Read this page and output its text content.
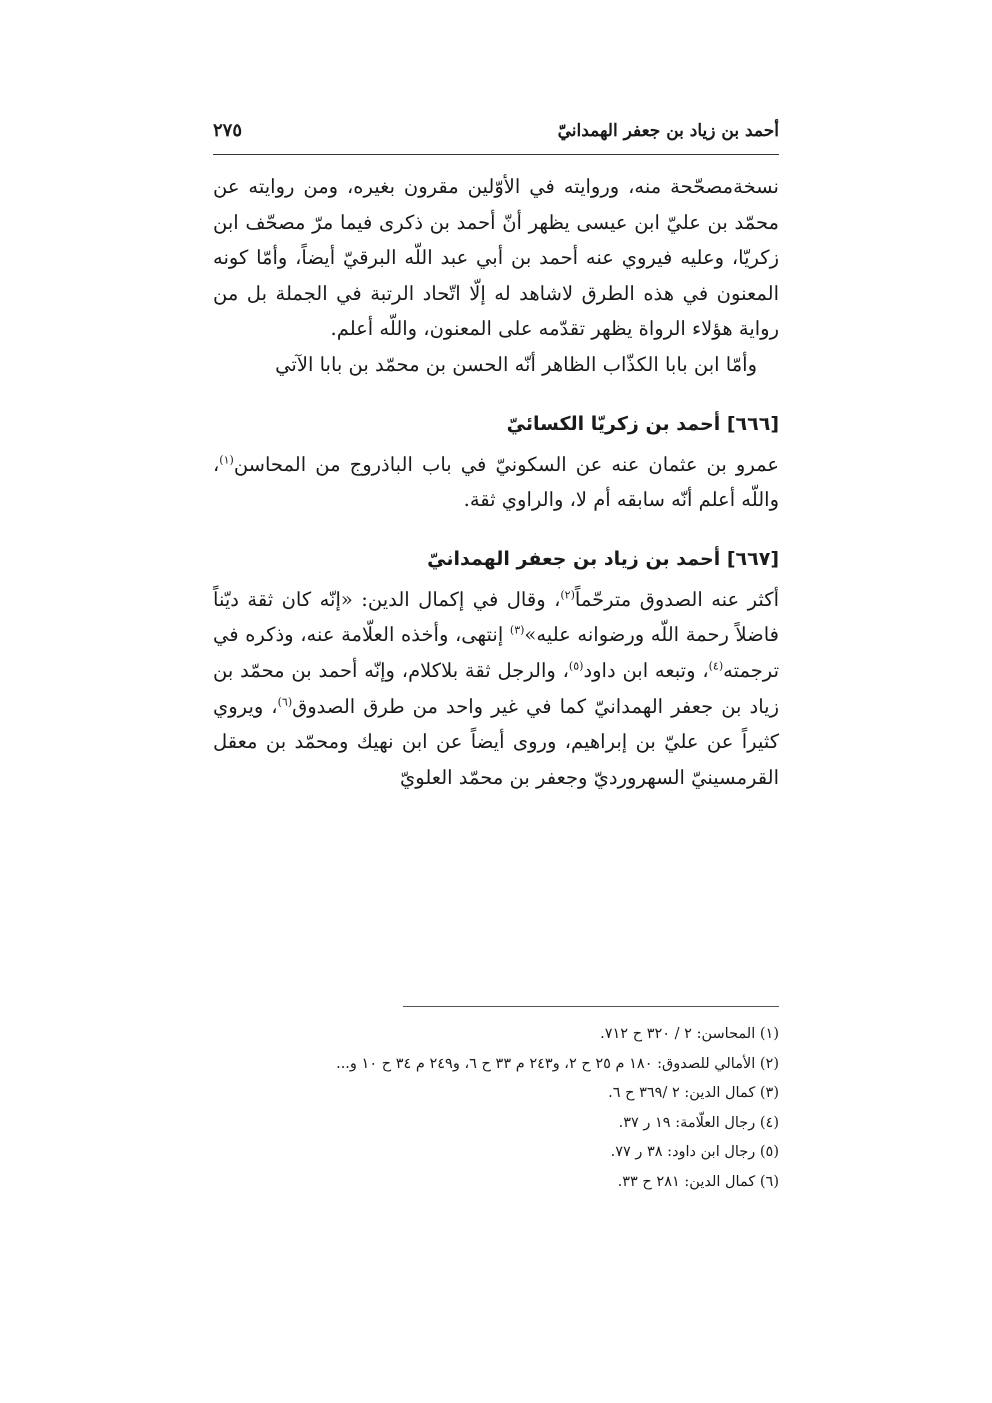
أحمد بن زياد بن جعفر الهمدانيّ
٢٧٥

نسخةمصحّحة منه، وروايته في الأوّلين مقرون بغيره، ومن روايته عن محمّد بن عليّ ابن عيسى يظهر أنّ أحمد بن ذكرى فيما مرّ مصحّف ابن زكريّا، وعليه فيروي عنه أحمد بن أبي عبد اللّه البرقيّ أيضاً، وأمّا كونه المعنون في هذه الطرق لاشاهد له إلّا اتّحاد الرتبة في الجملة بل من رواية هؤلاء الرواة يظهر تقدّمه على المعنون، واللّه أعلم.

وأمّا ابن بابا الكذّاب الظاهر أنّه الحسن بن محمّد بن بابا الآتي

[٦٦٦] أحمد بن زكريّا الكسائيّ

عمرو بن عثمان عنه عن السكونيّ في باب الباذروج من المحاسن$^{(١)}$، واللّه أعلم أنّه سابقه أم لا، والراوي ثقة.

[٦٦٧] أحمد بن زياد بن جعفر الهمدانيّ

أكثر عنه الصدوق مترحّماً$^{(٢)}$، وقال في إكمال الدين: «إنّه كان ثقة ديّناً فاضلاً رحمة اللّه ورضوانه عليه»$^{(٣)}$ إنتهى، وأخذه العلّامة عنه، وذكره في ترجمته$^{(٤)}$، وتبعه ابن داود$^{(٥)}$، والرجل ثقة بلاكلام، وإنّه أحمد بن محمّد بن زياد بن جعفر الهمدانيّ كما في غير واحد من طرق الصدوق$^{(٦)}$، ويروي كثيراً عن عليّ بن إبراهيم، وروى أيضاً عن ابن نهيك ومحمّد بن معقل القرمسينيّ السهرورديّ وجعفر بن محمّد العلويّ

(١) المحاسن: ٢ / ٣٢٠ ح ٧١٢.
(٢) الأمالي للصدوق: ١٨٠ م ٢٥ ح ٢، و٢٤٣ م ٣٣ ح ٦، و٢٤٩ م ٣٤ ح ١٠ و...
(٣) كمال الدين: ٢ /٣٦٩ ح ٦.
(٤) رجال العلّامة: ١٩ ر ٣٧.
(٥) رجال ابن داود: ٣٨ ر ٧٧.
(٦) كمال الدين: ٢٨١ ح ٣٣.
